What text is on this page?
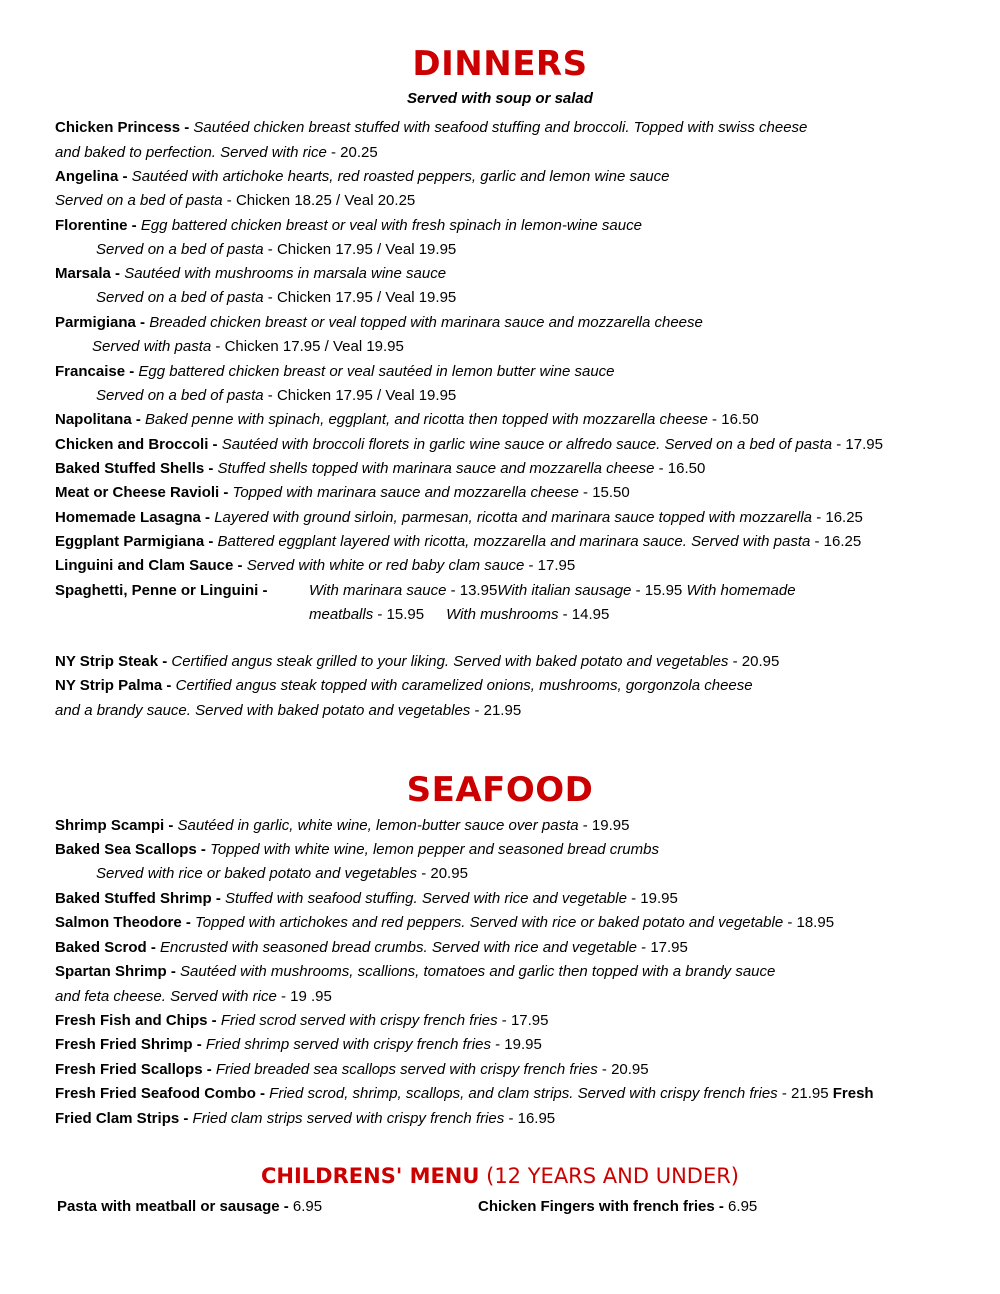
DINNERS
Served with soup or salad
Chicken Princess - Sautéed chicken breast stuffed with seafood stuffing and broccoli. Topped with swiss cheese
and baked to perfection. Served with rice - 20.25
Angelina - Sautéed with artichoke hearts, red roasted peppers, garlic and lemon wine sauce
Served on a bed of pasta - Chicken 18.25 / Veal 20.25
Florentine - Egg battered chicken breast or veal with fresh spinach in lemon-wine sauce
Served on a bed of pasta - Chicken 17.95 / Veal 19.95
Marsala - Sautéed with mushrooms in marsala wine sauce
Served on a bed of pasta - Chicken 17.95 / Veal 19.95
Parmigiana - Breaded chicken breast or veal topped with marinara sauce and mozzarella cheese
Served with pasta - Chicken 17.95 / Veal 19.95
Francaise - Egg battered chicken breast or veal sautéed in lemon butter wine sauce
Served on a bed of pasta - Chicken 17.95 / Veal 19.95
Napolitana - Baked penne with spinach, eggplant, and ricotta then topped with mozzarella cheese - 16.50
Chicken and Broccoli - Sautéed with broccoli florets in garlic wine sauce or alfredo sauce. Served on a bed of pasta - 17.95
Baked Stuffed Shells - Stuffed shells topped with marinara sauce and mozzarella cheese - 16.50
Meat or Cheese Ravioli - Topped with marinara sauce and mozzarella cheese - 15.50
Homemade Lasagna - Layered with ground sirloin, parmesan, ricotta and marinara sauce topped with mozzarella - 16.25
Eggplant Parmigiana - Battered eggplant layered with ricotta, mozzarella and marinara sauce. Served with pasta - 16.25
Linguini and Clam Sauce - Served with white or red baby clam sauce - 17.95
Spaghetti, Penne or Linguini -	With marinara sauce - 13.95With italian sausage - 15.95 With homemade
meatballs - 15.95 With mushrooms - 14.95
NY Strip Steak - Certified angus steak grilled to your liking. Served with baked potato and vegetables - 20.95
NY Strip Palma - Certified angus steak topped with caramelized onions, mushrooms, gorgonzola cheese
and a brandy sauce. Served with baked potato and vegetables - 21.95
SEAFOOD
Shrimp Scampi - Sautéed in garlic, white wine, lemon-butter sauce over pasta - 19.95
Baked Sea Scallops - Topped with white wine, lemon pepper and seasoned bread crumbs
Served with rice or baked potato and vegetables - 20.95
Baked Stuffed Shrimp - Stuffed with seafood stuffing. Served with rice and vegetable - 19.95
Salmon Theodore - Topped with artichokes and red peppers. Served with rice or baked potato and vegetable - 18.95
Baked Scrod - Encrusted with seasoned bread crumbs. Served with rice and vegetable - 17.95
Spartan Shrimp - Sautéed with mushrooms, scallions, tomatoes and garlic then topped with a brandy sauce
and feta cheese. Served with rice - 19 .95
Fresh Fish and Chips - Fried scrod served with crispy french fries - 17.95
Fresh Fried Shrimp - Fried shrimp served with crispy french fries - 19.95
Fresh Fried Scallops - Fried breaded sea scallops served with crispy french fries - 20.95
Fresh Fried Seafood Combo - Fried scrod, shrimp, scallops, and clam strips. Served with crispy french fries - 21.95 Fresh
Fried Clam Strips - Fried clam strips served with crispy french fries - 16.95
CHILDRENS' MENU (12 YEARS AND UNDER)
Pasta with meatball or sausage - 6.95	Chicken Fingers with french fries - 6.95
